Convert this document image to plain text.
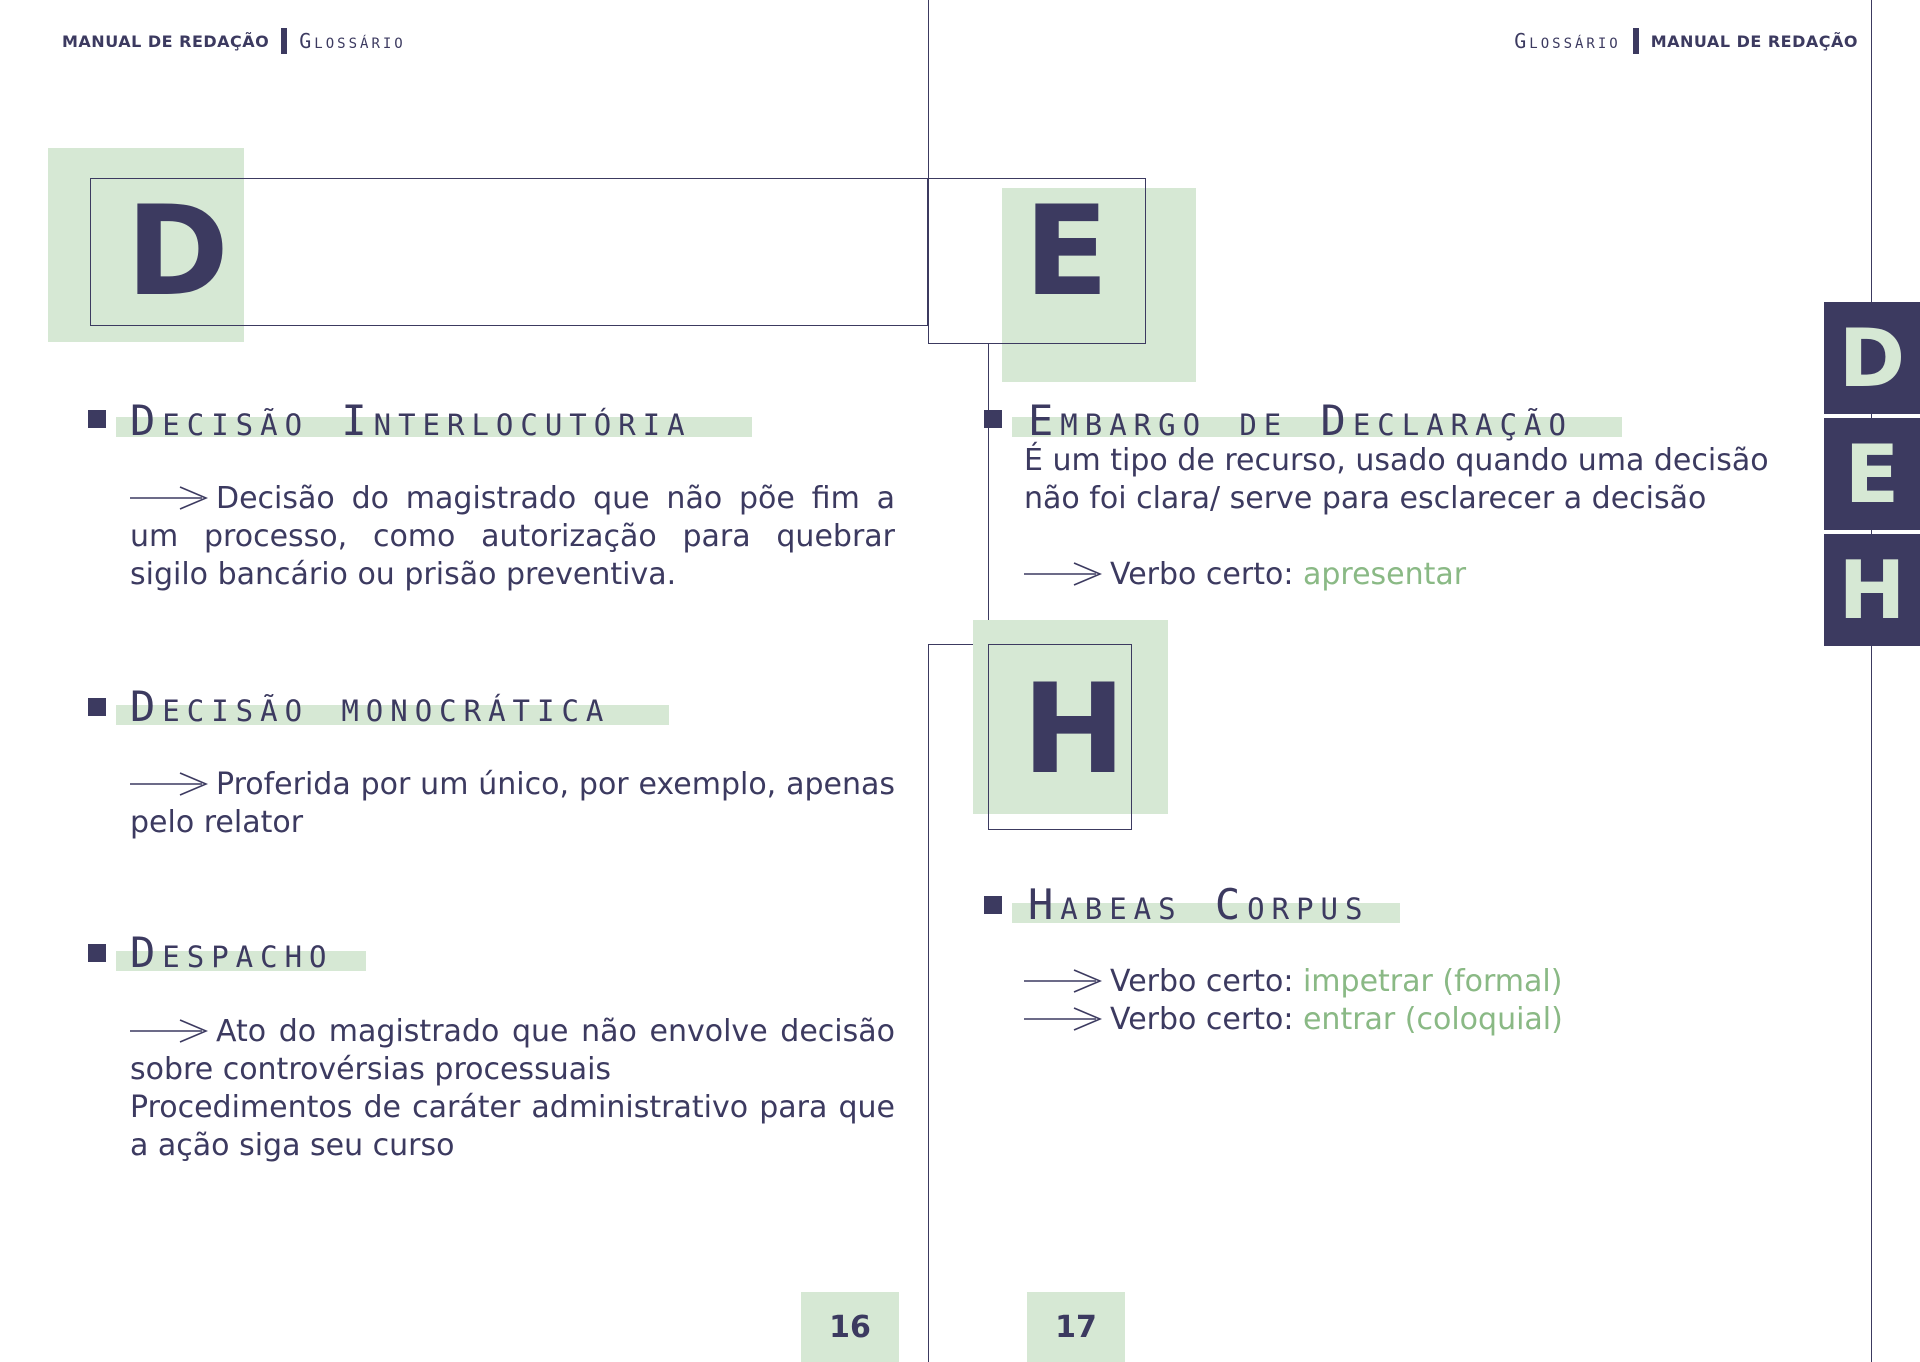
MANUAL DE REDAÇÃO Glossário	Glossário MANUAL DE REDAÇÃO
D	E
H
D
E
H
Decisão Interlocutória
Decisão do magistrado que não põe fim a um processo, como autorização para quebrar sigilo bancário ou prisão preventiva.
Decisão monocrática
Proferida por um único, por exemplo, apenas pelo relator
Despacho
Ato do magistrado que não envolve decisão sobre controvérsias processuais
Procedimentos de caráter administrativo para que a ação siga seu curso
Embargo de Declaração
É um tipo de recurso, usado quando uma decisão não foi clara/ serve para esclarecer a decisão
Verbo certo: apresentar
Habeas Corpus
Verbo certo: impetrar (formal)
Verbo certo: entrar (coloquial)
16	17
